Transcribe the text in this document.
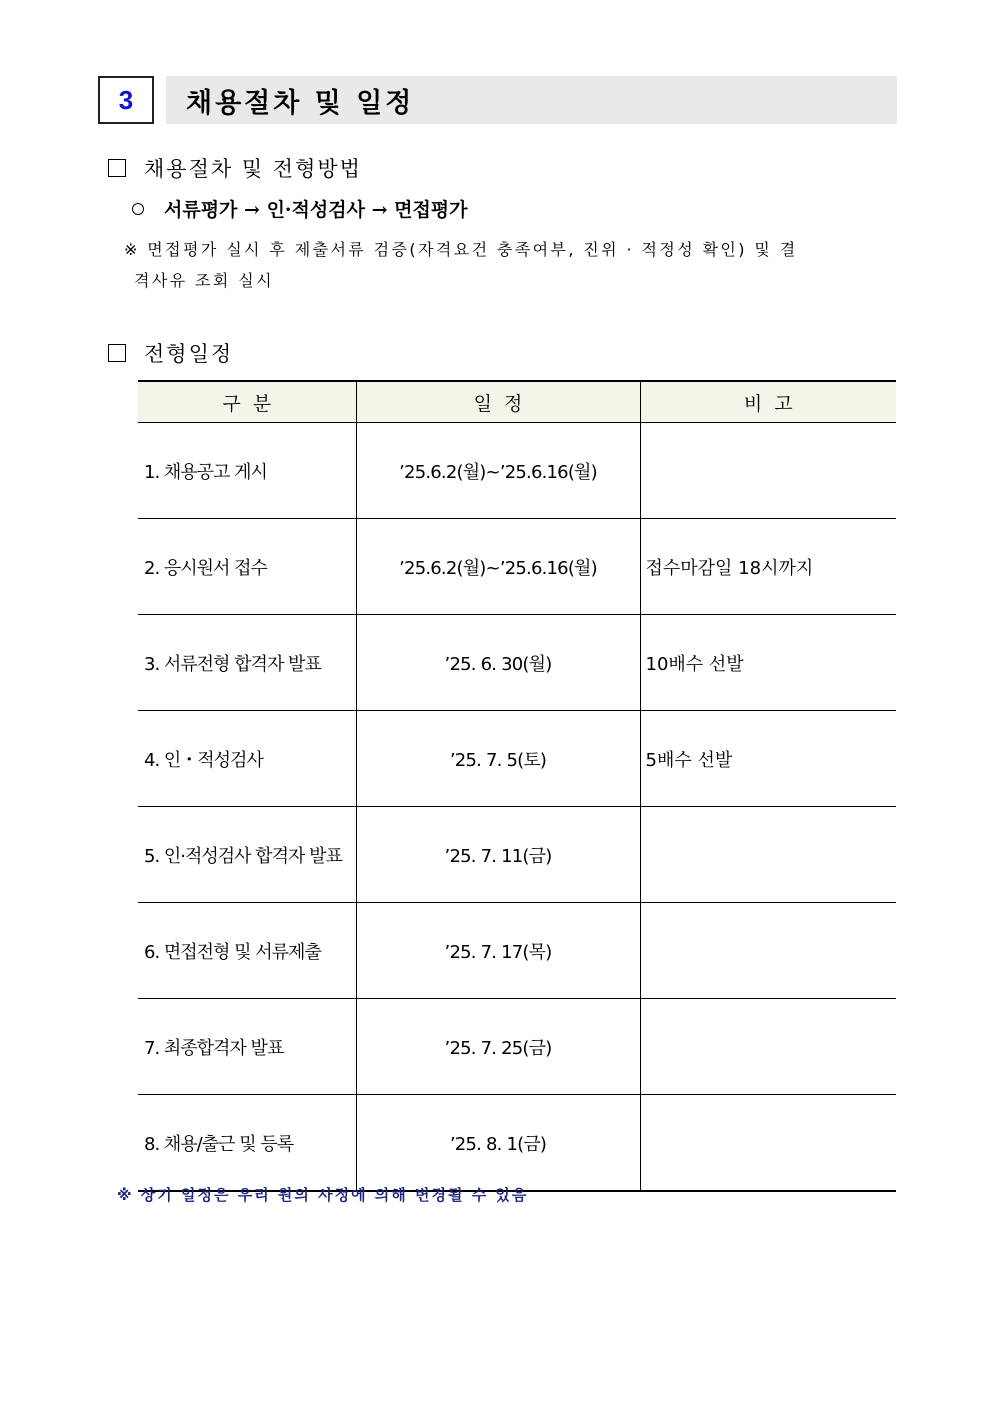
3 채용절차 및 일정
채용절차 및 전형방법
서류평가 → 인·적성검사 → 면접평가
※ 면접평가 실시 후 제출서류 검증(자격요건 충족여부, 진위 · 적정성 확인) 및 결
격사유 조회 실시
전형일정
구  분	일  정	비  고
1. 채용공고 게시	’25.6.2(월)~’25.6.16(월)	
2. 응시원서 접수	’25.6.2(월)~’25.6.16(월)	접수마감일 18시까지
3. 서류전형 합격자 발표	’25. 6. 30(월)	10배수 선발
4. 인・적성검사	’25. 7. 5(토)	5배수 선발
5. 인·적성검사 합격자 발표	’25. 7. 11(금)	
6. 면접전형 및 서류제출	’25. 7. 17(목)	
7. 최종합격자 발표	’25. 7. 25(금)	
8. 채용/출근 및 등록	’25. 8. 1(금)	
※ 상기 일정은 우리 원의 사정에 의해 변경될 수 있음
